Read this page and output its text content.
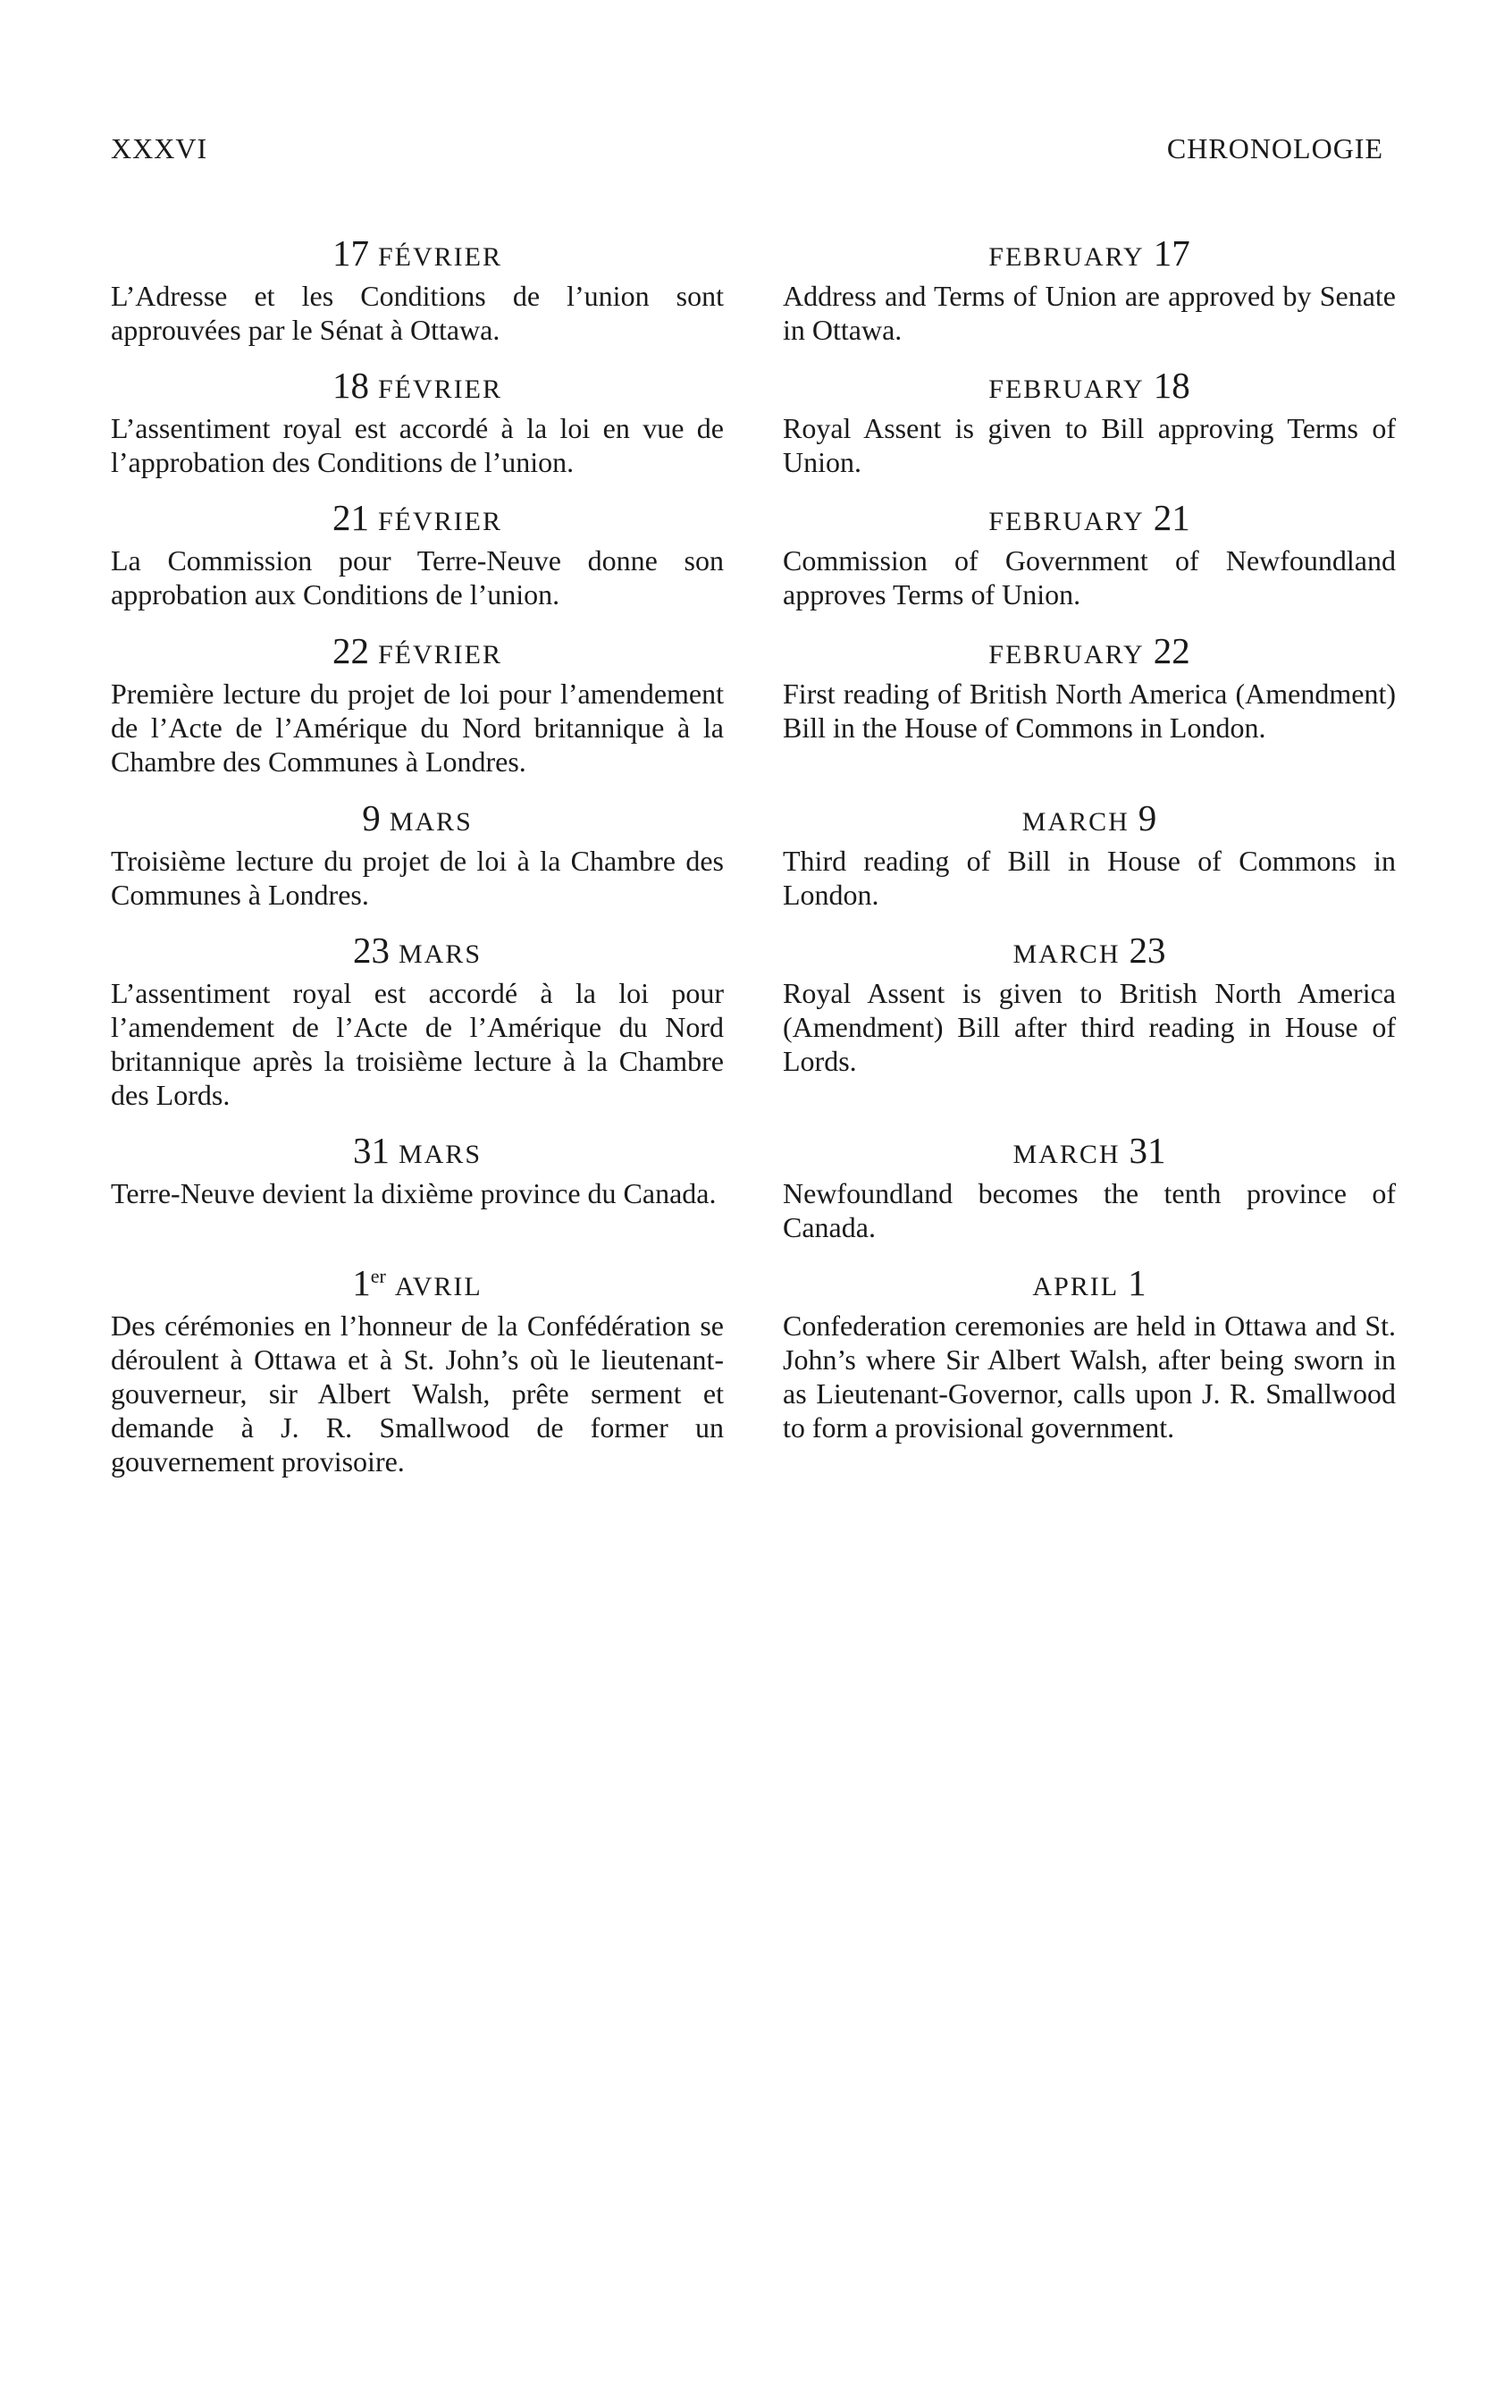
XXXVI	CHRONOLOGIE
17 FÉVRIER
L’Adresse et les Conditions de l’union sont approuvées par le Sénat à Ottawa.
18 FÉVRIER
L’assentiment royal est accordé à la loi en vue de l’approbation des Conditions de l’union.
21 FÉVRIER
La Commission pour Terre-Neuve donne son approbation aux Conditions de l’union.
22 FÉVRIER
Première lecture du projet de loi pour l’amendement de l’Acte de l’Amérique du Nord britannique à la Chambre des Communes à Londres.
9 MARS
Troisième lecture du projet de loi à la Chambre des Communes à Londres.
23 MARS
L’assentiment royal est accordé à la loi pour l’amendement de l’Acte de l’Amérique du Nord britannique après la troisième lecture à la Chambre des Lords.
31 MARS
Terre-Neuve devient la dixième province du Canada.
1er AVRIL
Des cérémonies en l’honneur de la Confédération se déroulent à Ottawa et à St. John’s où le lieutenant-gouverneur, sir Albert Walsh, prête serment et demande à J. R. Smallwood de former un gouvernement provisoire.
FEBRUARY 17
Address and Terms of Union are approved by Senate in Ottawa.
FEBRUARY 18
Royal Assent is given to Bill approving Terms of Union.
FEBRUARY 21
Commission of Government of Newfoundland approves Terms of Union.
FEBRUARY 22
First reading of British North America (Amendment) Bill in the House of Commons in London.
MARCH 9
Third reading of Bill in House of Commons in London.
MARCH 23
Royal Assent is given to British North America (Amendment) Bill after third reading in House of Lords.
MARCH 31
Newfoundland becomes the tenth province of Canada.
APRIL 1
Confederation ceremonies are held in Ottawa and St. John’s where Sir Albert Walsh, after being sworn in as Lieutenant-Governor, calls upon J. R. Smallwood to form a provisional government.
